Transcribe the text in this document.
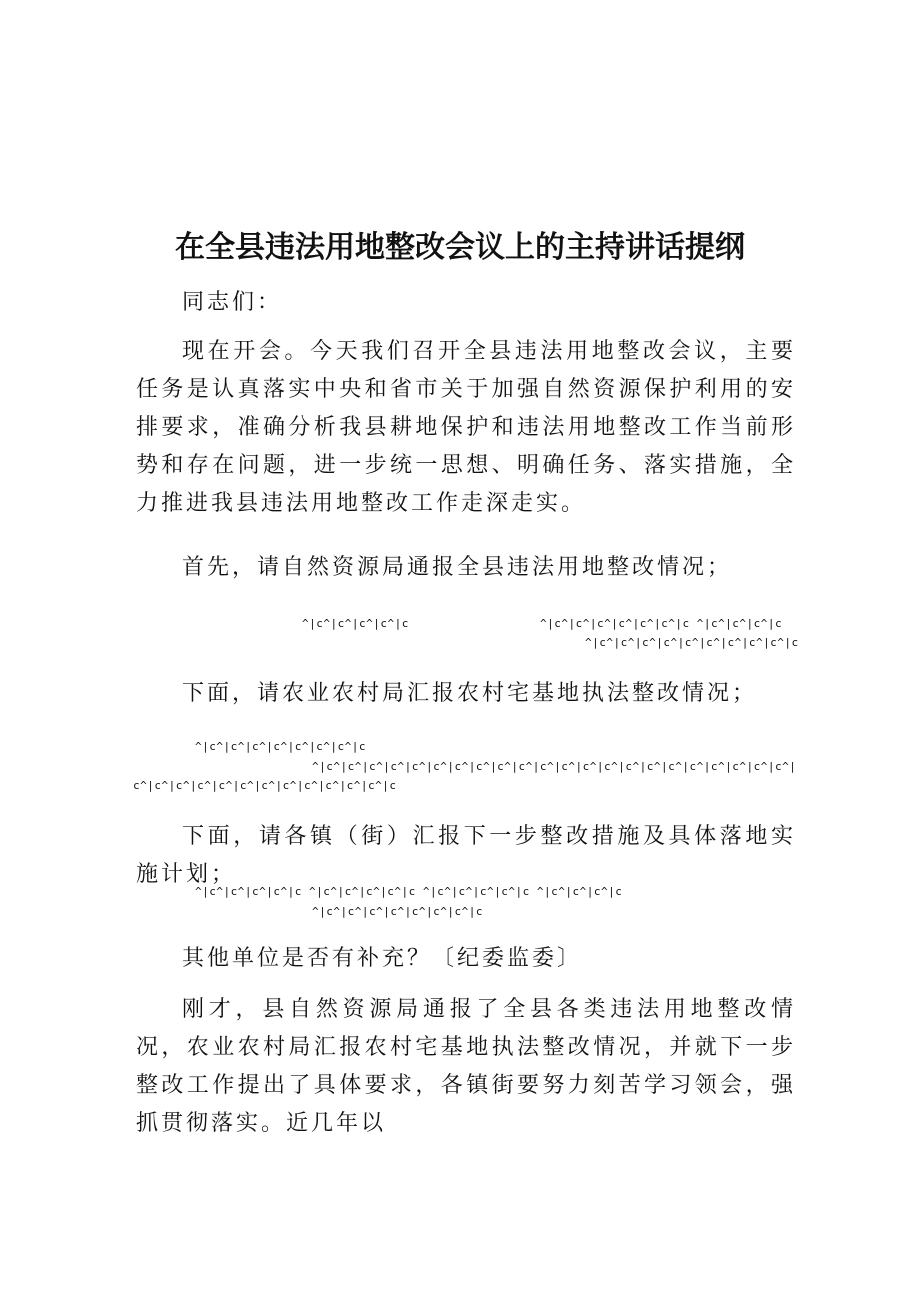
在全县违法用地整改会议上的主持讲话提纲

同志们：

现在开会。今天我们召开全县违法用地整改会议，主要任务是认真落实中央和省市关于加强自然资源保护利用的安排要求，准确分析我县耕地保护和违法用地整改工作当前形势和存在问题，进一步统一思想、明确任务、落实措施，全力推进我县违法用地整改工作走深走实。

首先，请自然资源局通报全县违法用地整改情况；

^|c^|c^|c^|c^|c	^|c^|c^|c^|c^|c^|c^|c ^|c^|c^|c^|c
^|c^|c^|c^|c^|c^|c^|c^|c^|c^|c

下面，请农业农村局汇报农村宅基地执法整改情况；

^|c^|c^|c^|c^|c^|c^|c^|c
^|c^|c^|c^|c^|c^|c^|c^|c^|c^|c^|c^|c^|c^|c^|c^|c^|c^|c^|c^|c^|c^|c^|
c^|c^|c^|c^|c^|c^|c^|c^|c^|c^|c^|c^|c

下面，请各镇（街）汇报下一步整改措施及具体落地实施计划；

^|c^|c^|c^|c^|c ^|c^|c^|c^|c^|c ^|c^|c^|c^|c^|c ^|c^|c^|c^|c
^|c^|c^|c^|c^|c^|c^|c^|c

其他单位是否有补充？〔纪委监委〕

刚才，县自然资源局通报了全县各类违法用地整改情况，农业农村局汇报农村宅基地执法整改情况，并就下一步整改工作提出了具体要求，各镇街要努力刻苦学习领会，强抓贯彻落实。近几年以
